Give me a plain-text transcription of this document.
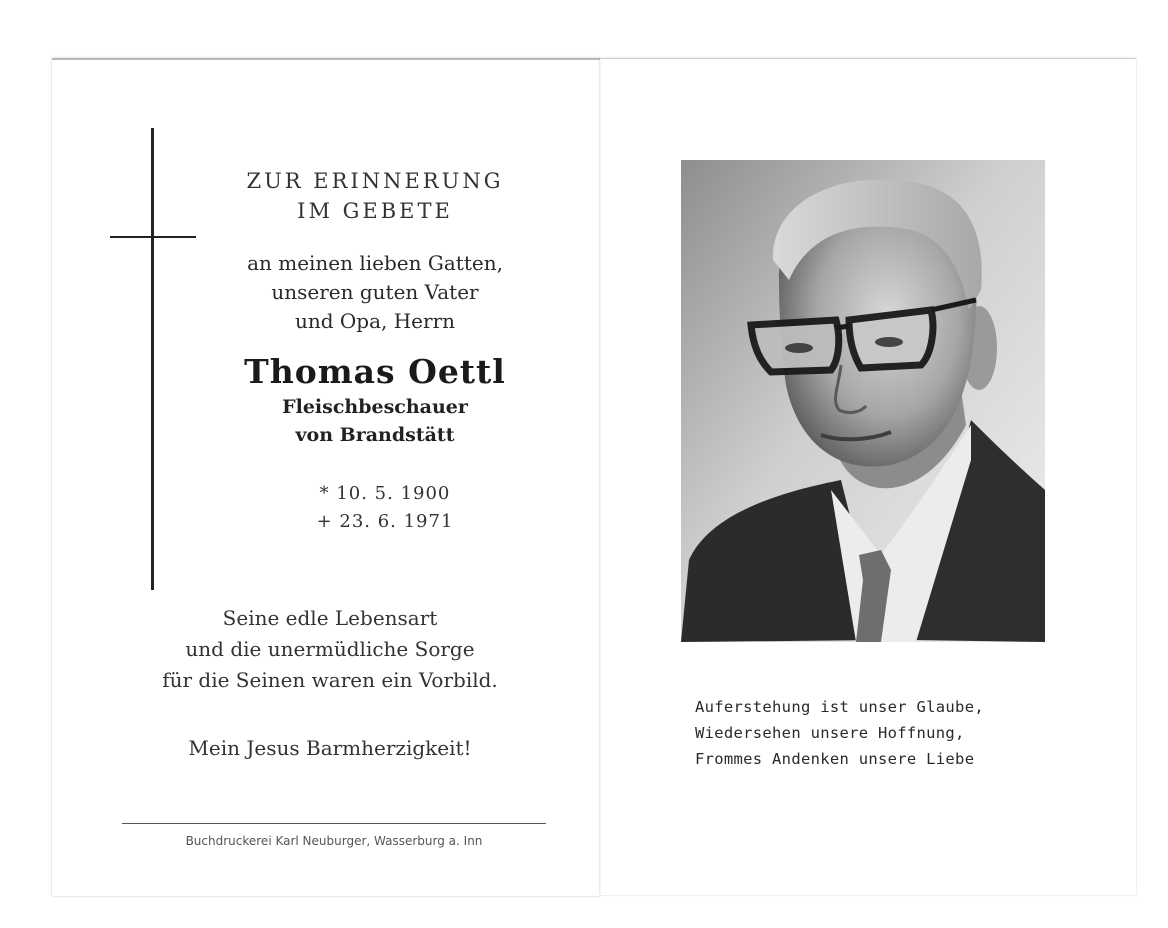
ZUR ERINNERUNG
IM GEBETE
an meinen lieben Gatten,
unseren guten Vater
und Opa, Herrn
Thomas Oettl
Fleischbeschauer
von Brandstätt
* 10. 5. 1900
+ 23. 6. 1971
Seine edle Lebensart
und die unermüdliche Sorge
für die Seinen waren ein Vorbild.
Mein Jesus Barmherzigkeit!
Buchdruckerei Karl Neuburger, Wasserburg a. Inn
Auferstehung ist unser Glaube,
Wiedersehen unsere Hoffnung,
Frommes Andenken unsere Liebe
